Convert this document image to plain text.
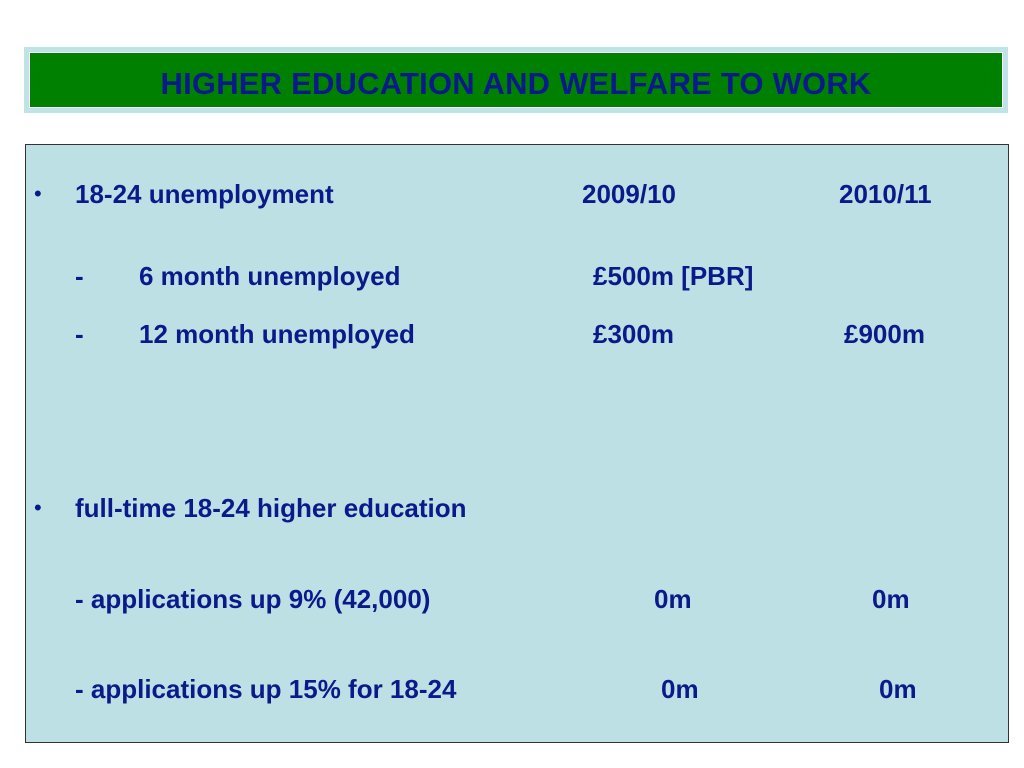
HIGHER EDUCATION AND WELFARE TO WORK
• 18-24 unemployment	2009/10	2010/11
- 6 month unemployed	£500m [PBR]
- 12 month unemployed	£300m	£900m
• full-time 18-24 higher education
- applications up 9% (42,000)	0m	0m
- applications up 15% for 18-24	0m	0m
